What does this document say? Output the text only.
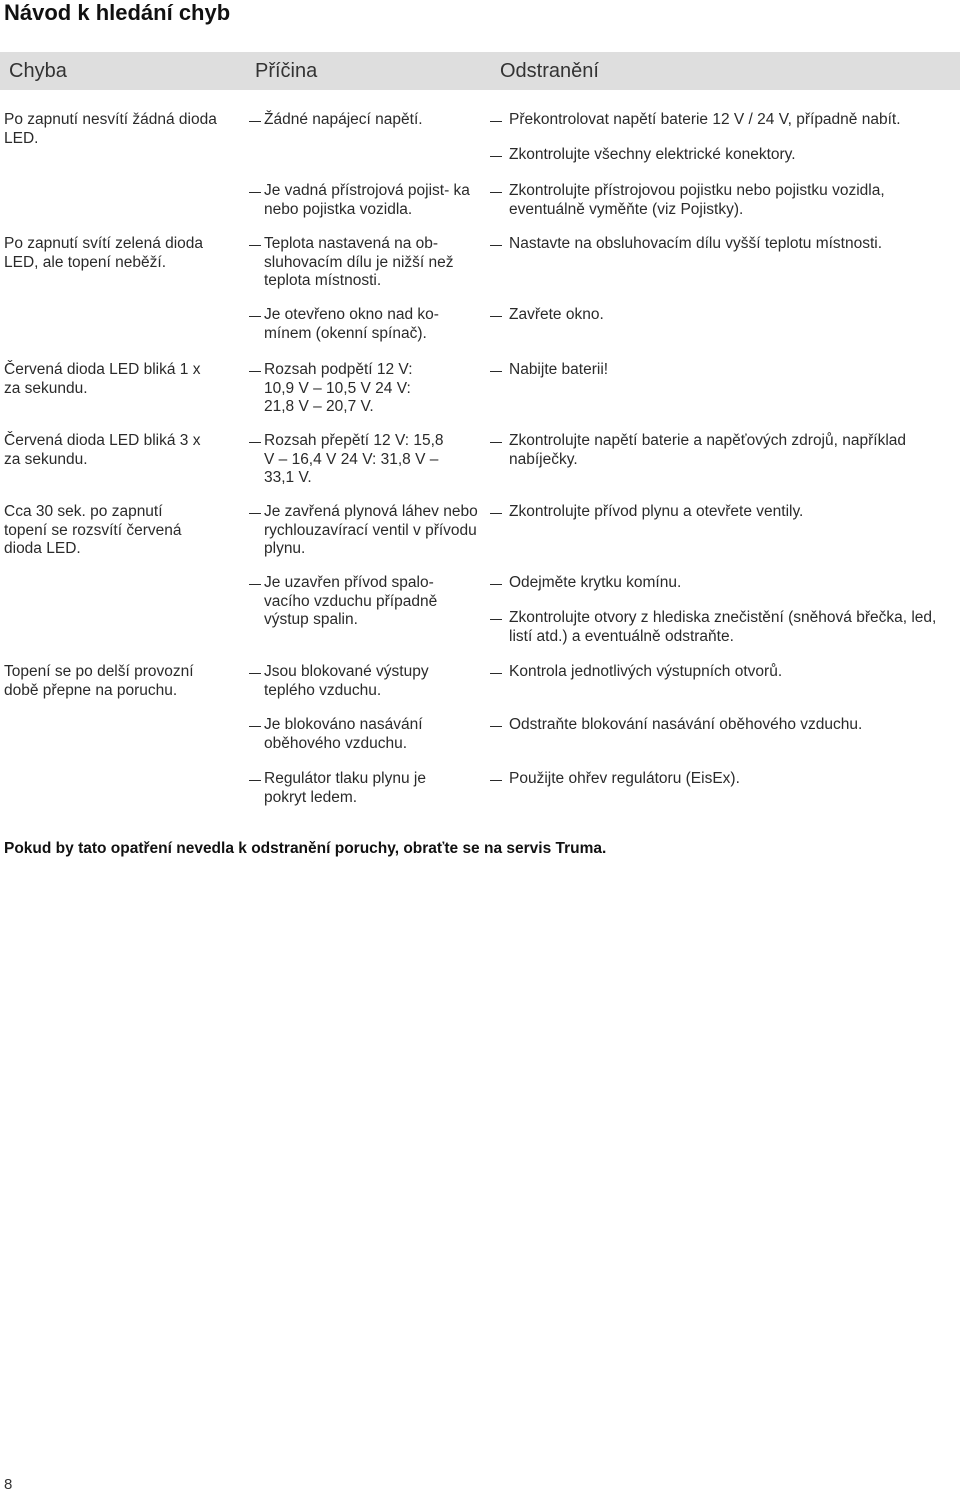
Návod k hledání chyb
Chyba	Příčina	Odstranění
Po zapnutí nesvítí žádná dioda LED.
Po zapnutí svítí zelená dioda LED, ale topení neběží.
Červená dioda LED bliká 1 x za sekundu.
Červená dioda LED bliká 3 x za sekundu.
Cca 30 sek. po zapnutí topení se rozsvítí červená dioda LED.
Topení se po delší provozní době přepne na poruchu.
Žádné napájecí napětí.
Je vadná přístrojová pojist- ka nebo pojistka vozidla.
Teplota nastavená na ob- sluhovacím dílu je nižší než teplota místnosti.
Je otevřeno okno nad ko- mínem (okenní spínač).
Rozsah podpětí 12 V: 10,9 V – 10,5 V 24 V: 21,8 V – 20,7 V.
Rozsah přepětí 12 V: 15,8 V – 16,4 V 24 V: 31,8 V – 33,1 V.
Je zavřená plynová láhev nebo rychlouzavírací ventil v přívodu plynu.
Je uzavřen přívod spalo- vacího vzduchu případně výstup spalin.
Jsou blokované výstupy teplého vzduchu.
Je blokováno nasávání oběhového vzduchu.
Regulátor tlaku plynu je pokryt ledem.
Překontrolovat napětí baterie 12 V / 24 V, případně nabít.
Zkontrolujte všechny elektrické konektory.
Zkontrolujte přístrojovou pojistku nebo pojistku vozidla, eventuálně vyměňte (viz Pojistky).
Nastavte na obsluhovacím dílu vyšší teplotu místnosti.
Zavřete okno.
Nabijte baterii!
Zkontrolujte napětí baterie a napěťových zdrojů, například nabíječky.
Zkontrolujte přívod plynu a otevřete ventily.
Odejměte krytku komínu.
Zkontrolujte otvory z hlediska znečistění (sněhová břečka, led, listí atd.) a eventuálně odstraňte.
Kontrola jednotlivých výstupních otvorů.
Odstraňte blokování nasávání oběhového vzduchu.
Použijte ohřev regulátoru (EisEx).
Pokud by tato opatření nevedla k odstranění poruchy, obraťte se na servis Truma.
8
